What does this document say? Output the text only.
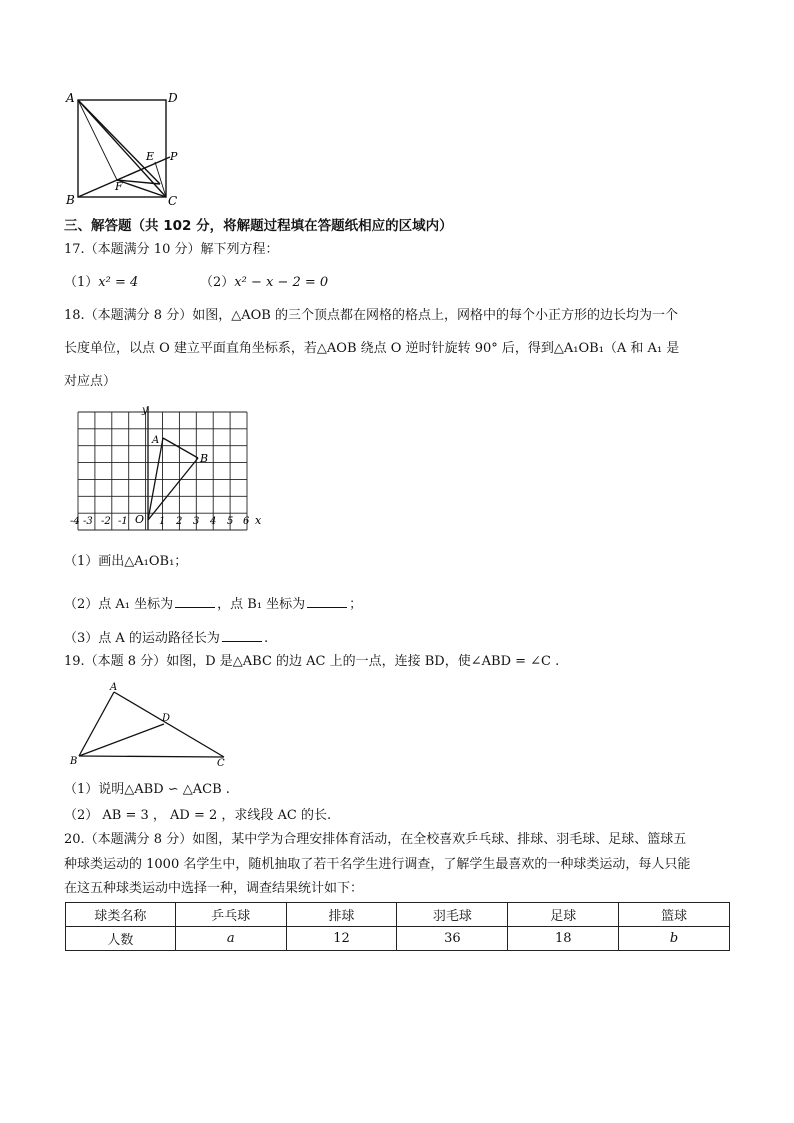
A	D
B	C
E P
F
三、解答题（共 102 分，将解题过程填在答题纸相应的区域内）
17.（本题满分 10 分）解下列方程：
（1）x² = 4	（2）x² − x − 2 = 0
18.（本题满分 8 分）如图，△AOB 的三个顶点都在网格的格点上，网格中的每个小正方形的边长均为一个
长度单位，以点 O 建立平面直角坐标系，若△AOB 绕点 O 逆时针旋转 90° 后，得到△A₁OB₁（A 和 A₁ 是
对应点）
-4 -3 -2 -1	1 2 3 4 5 6
y
x
O
A
B
（1）画出△A₁OB₁；
（2）点 A₁ 坐标为	，点 B₁ 坐标为	；
（3）点 A 的运动路径长为	.
19.（本题 8 分）如图，D 是△ABC 的边 AC 上的一点，连接 BD，使∠ABD = ∠C .
A
D
B	C
（1）说明△ABD ∽ △ACB .
（2） AB = 3 ， AD = 2 ，求线段 AC 的长.
20.（本题满分 8 分）如图，某中学为合理安排体育活动，在全校喜欢乒乓球、排球、羽毛球、足球、篮球五
种球类运动的 1000 名学生中，随机抽取了若干名学生进行调查，了解学生最喜欢的一种球类运动，每人只能
在这五种球类运动中选择一种，调查结果统计如下：
球类名称	乒乓球	排球	羽毛球	足球	篮球
人数	a	12	36	18	b
